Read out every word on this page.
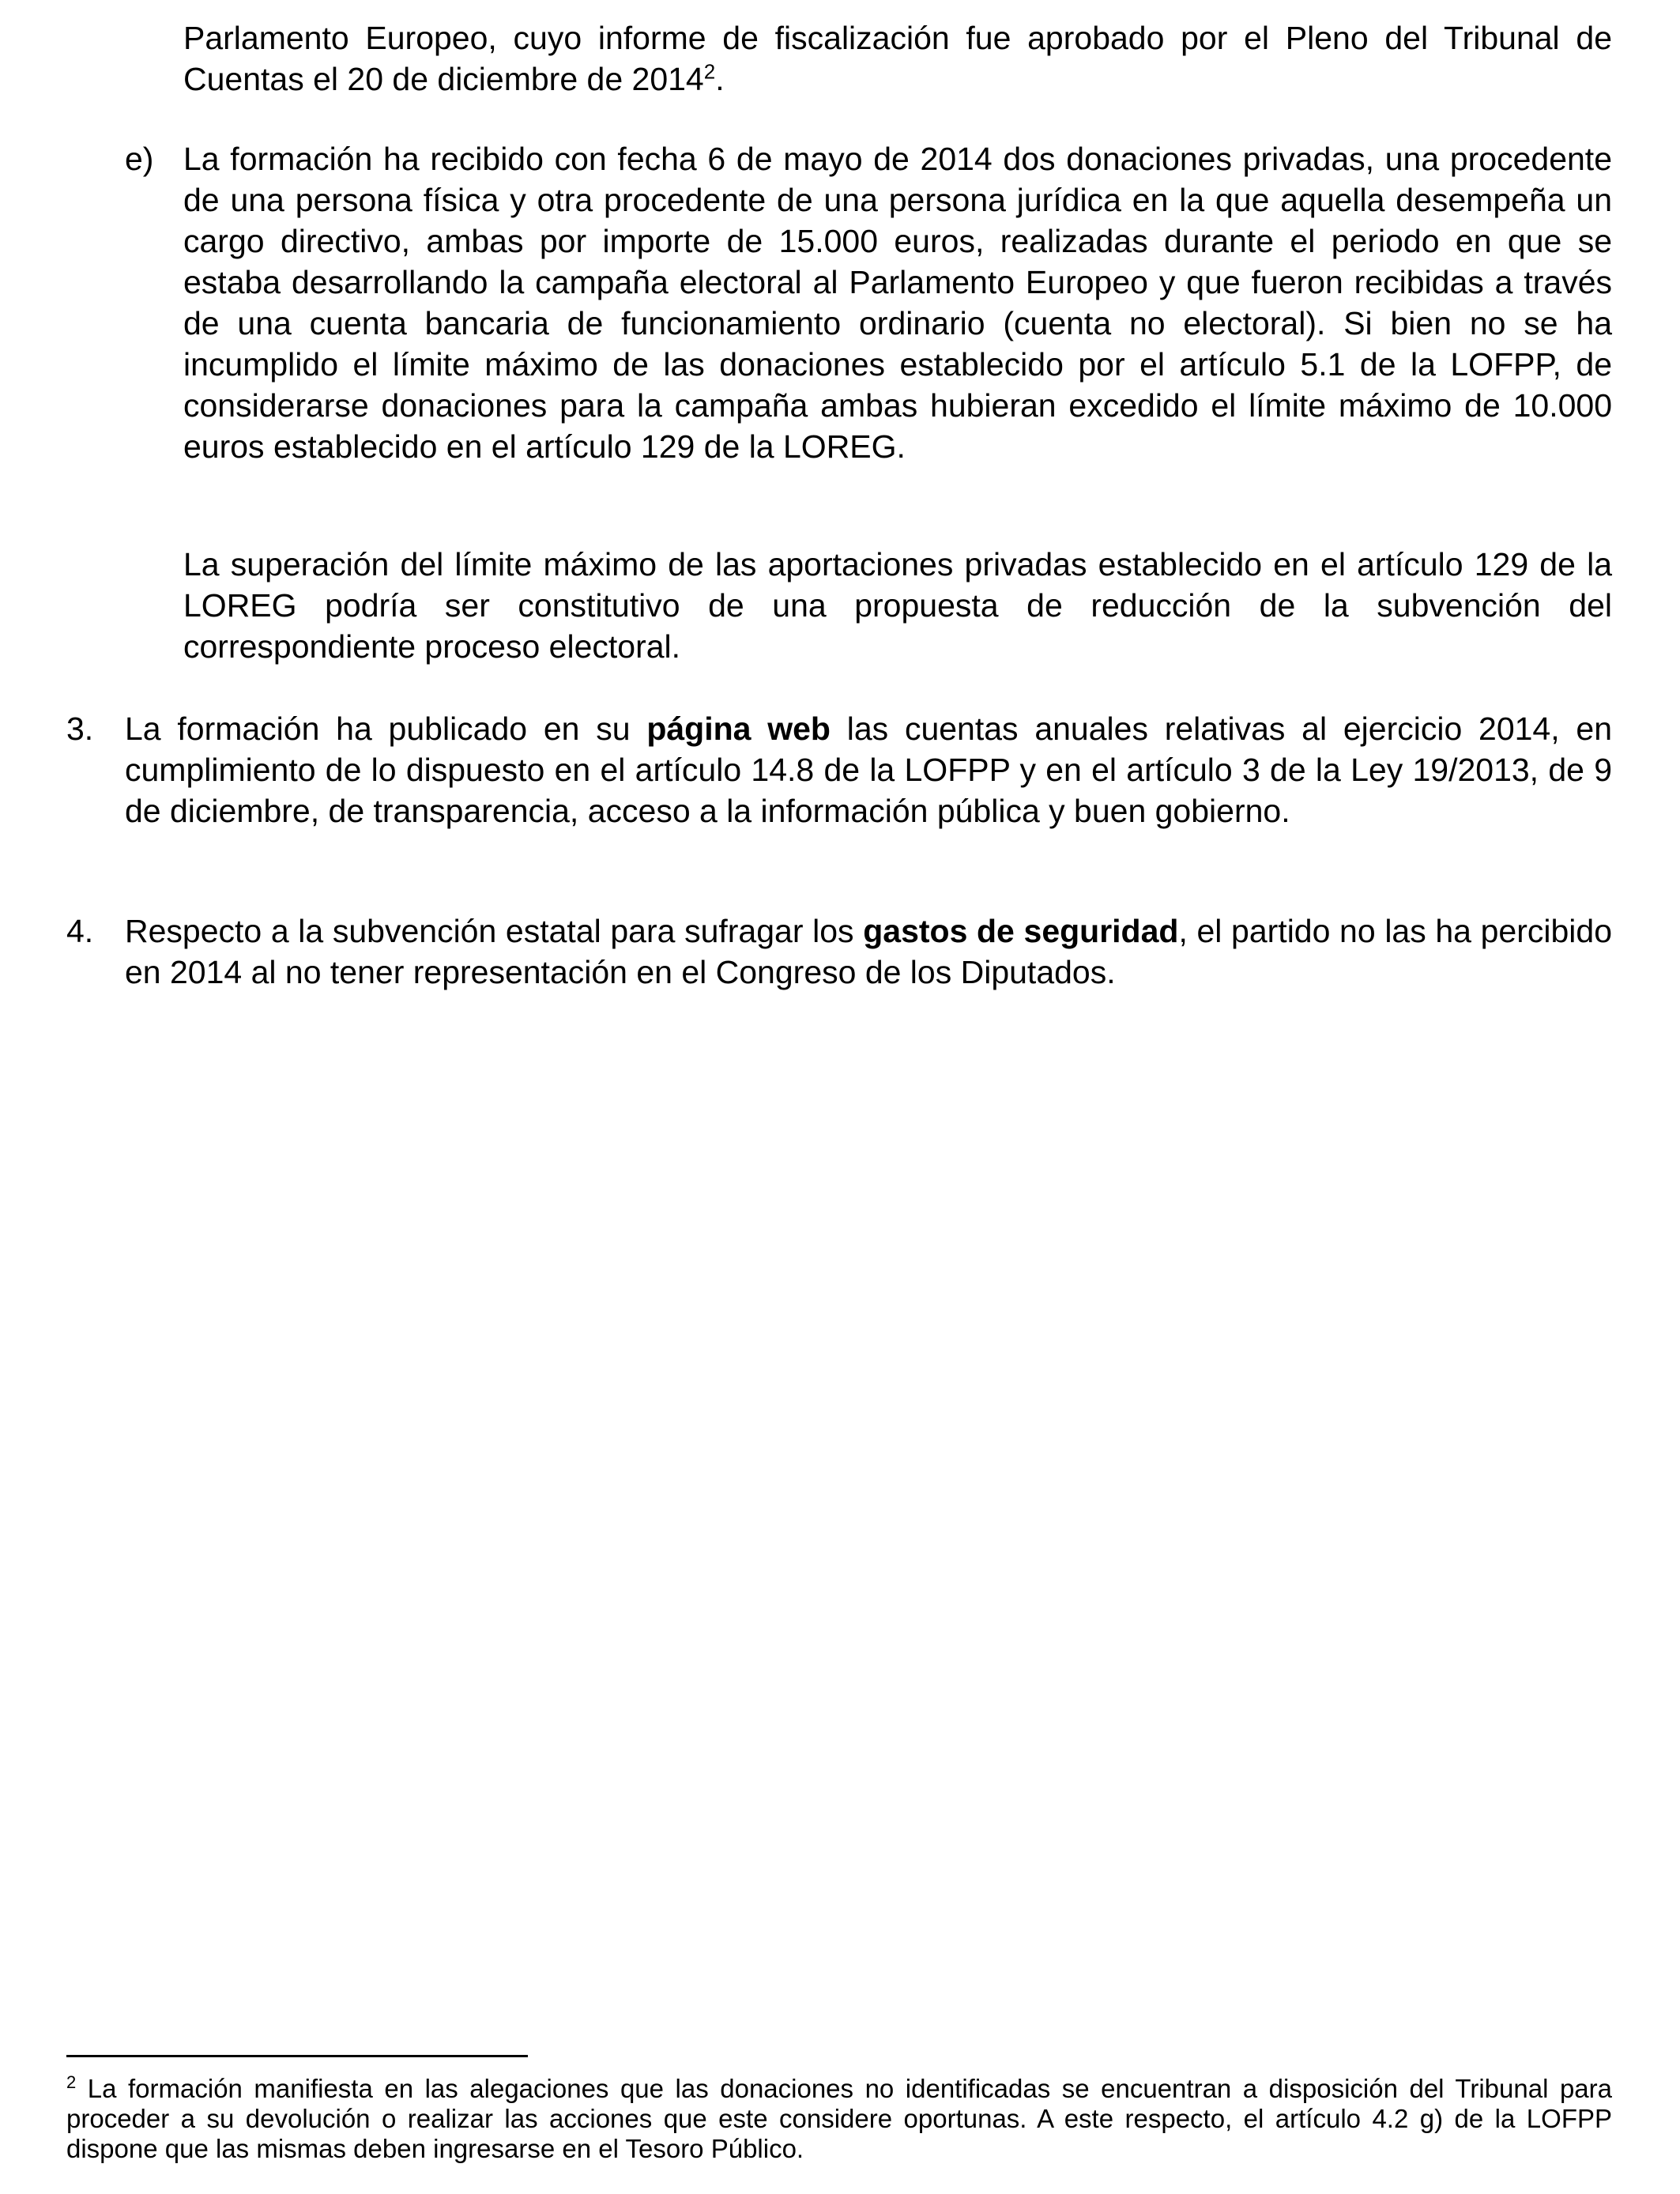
Parlamento Europeo, cuyo informe de fiscalización fue aprobado por el Pleno del Tribunal de Cuentas el 20 de diciembre de 2014$^2$.

e) La formación ha recibido con fecha 6 de mayo de 2014 dos donaciones privadas, una procedente de una persona física y otra procedente de una persona jurídica en la que aquella desempeña un cargo directivo, ambas por importe de 15.000 euros, realizadas durante el periodo en que se estaba desarrollando la campaña electoral al Parlamento Europeo y que fueron recibidas a través de una cuenta bancaria de funcionamiento ordinario (cuenta no electoral). Si bien no se ha incumplido el límite máximo de las donaciones establecido por el artículo 5.1 de la LOFPP, de considerarse donaciones para la campaña ambas hubieran excedido el límite máximo de 10.000 euros establecido en el artículo 129 de la LOREG.

La superación del límite máximo de las aportaciones privadas establecido en el artículo 129 de la LOREG podría ser constitutivo de una propuesta de reducción de la subvención del correspondiente proceso electoral.

3. La formación ha publicado en su página web las cuentas anuales relativas al ejercicio 2014, en cumplimiento de lo dispuesto en el artículo 14.8 de la LOFPP y en el artículo 3 de la Ley 19/2013, de 9 de diciembre, de transparencia, acceso a la información pública y buen gobierno.

4. Respecto a la subvención estatal para sufragar los gastos de seguridad, el partido no las ha percibido en 2014 al no tener representación en el Congreso de los Diputados.

$^2$ La formación manifiesta en las alegaciones que las donaciones no identificadas se encuentran a disposición del Tribunal para proceder a su devolución o realizar las acciones que este considere oportunas. A este respecto, el artículo 4.2 g) de la LOFPP dispone que las mismas deben ingresarse en el Tesoro Público.
